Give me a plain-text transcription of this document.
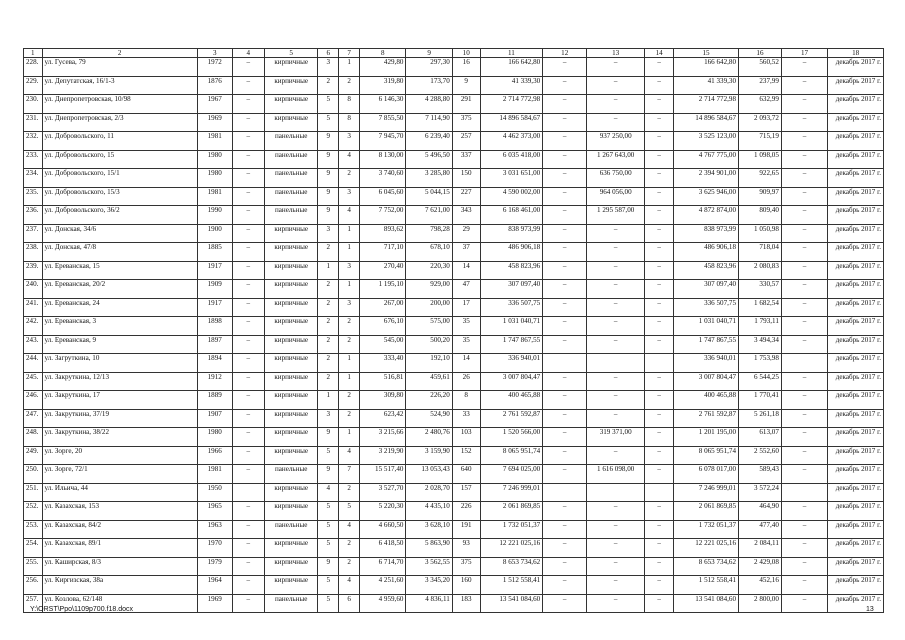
1	2	3	4	5	6	7	8	9	10	11	12	13	14	15	16	17	18
228.	ул. Гусева, 79	1972	–	кирпичные	3	1	429,80	297,30	16	166 642,80	–	–	–	166 642,80	560,52	–	декабрь 2017 г.
229.	ул. Депутатская, 16/1-3	1876	–	кирпичные	2	2	319,80	173,70	9	41 339,30	–	–	–	41 339,30	237,99	–	декабрь 2017 г.
230.	ул. Днепропетровская, 10/98	1967	–	кирпичные	5	8	6 146,30	4 288,80	291	2 714 772,98	–	–	–	2 714 772,98	632,99	–	декабрь 2017 г.
231.	ул. Днепропетровская, 2/3	1969	–	кирпичные	5	8	7 855,50	7 114,90	375	14 896 584,67	–	–	–	14 896 584,67	2 093,72	–	декабрь 2017 г.
232.	ул. Добровольского, 11	1981	–	панельные	9	3	7 945,70	6 239,40	257	4 462 373,00	–	937 250,00	–	3 525 123,00	715,19	–	декабрь 2017 г.
233.	ул. Добровольского, 15	1980	–	панельные	9	4	8 130,00	5 496,50	337	6 035 418,00	–	1 267 643,00	–	4 767 775,00	1 098,05	–	декабрь 2017 г.
234.	ул. Добровольского, 15/1	1980	–	панельные	9	2	3 740,60	3 285,80	150	3 031 651,00	–	636 750,00	–	2 394 901,00	922,65	–	декабрь 2017 г.
235.	ул. Добровольского, 15/3	1981	–	панельные	9	3	6 045,60	5 044,15	227	4 590 002,00	–	964 056,00	–	3 625 946,00	909,97	–	декабрь 2017 г.
236.	ул. Добровольского, 36/2	1990	–	панельные	9	4	7 752,00	7 621,00	343	6 168 461,00	–	1 295 587,00	–	4 872 874,00	809,40	–	декабрь 2017 г.
237.	ул. Донская, 34/6	1900	–	кирпичные	3	1	893,62	798,28	29	838 973,99	–	–	–	838 973,99	1 050,98	–	декабрь 2017 г.
238.	ул. Донская, 47/8	1885	–	кирпичные	2	1	717,10	678,10	37	486 906,18	–	–	–	486 906,18	718,04	–	декабрь 2017 г.
239.	ул. Ереванская, 15	1917	–	кирпичные	1	3	270,40	220,30	14	458 823,96	–	–	–	458 823,96	2 080,83	–	декабрь 2017 г.
240.	ул. Ереванская, 20/2	1909	–	кирпичные	2	1	1 195,10	929,00	47	307 097,40	–	–	–	307 097,40	330,57	–	декабрь 2017 г.
241.	ул. Ереванская, 24	1917	–	кирпичные	2	3	267,00	200,00	17	336 507,75	–	–	–	336 507,75	1 682,54	–	декабрь 2017 г.
242.	ул. Ереванская, 3	1898	–	кирпичные	2	2	676,10	575,00	35	1 031 040,71	–	–	–	1 031 040,71	1 793,11	–	декабрь 2017 г.
243.	ул. Ереванская, 9	1897	–	кирпичные	2	2	545,00	500,20	35	1 747 867,55	–	–	–	1 747 867,55	3 494,34	–	декабрь 2017 г.
244.	ул. Загруткина, 10	1894	–	кирпичные	2	1	333,40	192,10	14	336 940,01				336 940,01	1 753,98		декабрь 2017 г.
245.	ул. Закруткина, 12/13	1912	–	кирпичные	2	1	516,81	459,61	26	3 007 804,47	–	–	–	3 007 804,47	6 544,25	–	декабрь 2017 г.
246.	ул. Закруткина, 17	1889	–	кирпичные	1	2	309,80	226,20	8	400 465,88	–	–	–	400 465,88	1 770,41	–	декабрь 2017 г.
247.	ул. Закруткина, 37/19	1907	–	кирпичные	3	2	623,42	524,90	33	2 761 592,87	–	–	–	2 761 592,87	5 261,18	–	декабрь 2017 г.
248.	ул. Закруткина, 38/22	1980	–	кирпичные	9	1	3 215,66	2 480,76	103	1 520 566,00	–	319 371,00	–	1 201 195,00	613,07	–	декабрь 2017 г.
249.	ул. Зорге, 20	1966	–	кирпичные	5	4	3 219,90	3 159,90	152	8 065 951,74	–	–	–	8 065 951,74	2 552,60	–	декабрь 2017 г.
250.	ул. Зорге, 72/1	1981	–	панельные	9	7	15 517,40	13 053,43	640	7 694 025,00	–	1 616 098,00	–	6 078 017,00	589,43	–	декабрь 2017 г.
251.	ул. Ильича, 44	1950		кирпичные	4	2	3 527,70	2 028,70	157	7 246 999,01				7 246 999,01	3 572,24		декабрь 2017 г.
252.	ул. Казахская, 153	1965	–	кирпичные	5	5	5 220,30	4 435,10	226	2 061 869,85	–	–	–	2 061 869,85	464,90	–	декабрь 2017 г.
253.	ул. Казахская, 84/2	1963	–	панельные	5	4	4 660,50	3 628,10	191	1 732 051,37	–	–	–	1 732 051,37	477,40	–	декабрь 2017 г.
254.	ул. Казахская, 89/1	1970	–	кирпичные	5	2	6 418,50	5 863,90	93	12 221 025,16	–	–	–	12 221 025,16	2 084,11	–	декабрь 2017 г.
255.	ул. Каширская, 8/3	1979	–	кирпичные	9	2	6 714,70	3 562,55	375	8 653 734,62	–	–	–	8 653 734,62	2 429,08	–	декабрь 2017 г.
256.	ул. Киргизская, 38а	1964	–	кирпичные	5	4	4 251,60	3 345,20	160	1 512 558,41	–	–	–	1 512 558,41	452,16	–	декабрь 2017 г.
257.	ул. Козлова, 62/148	1969	–	панельные	5	6	4 959,60	4 836,11	183	13 541 084,60	–	–	–	13 541 084,60	2 800,00	–	декабрь 2017 г.
Y:\ORST\Ppo\1109p700.f18.docx	13
